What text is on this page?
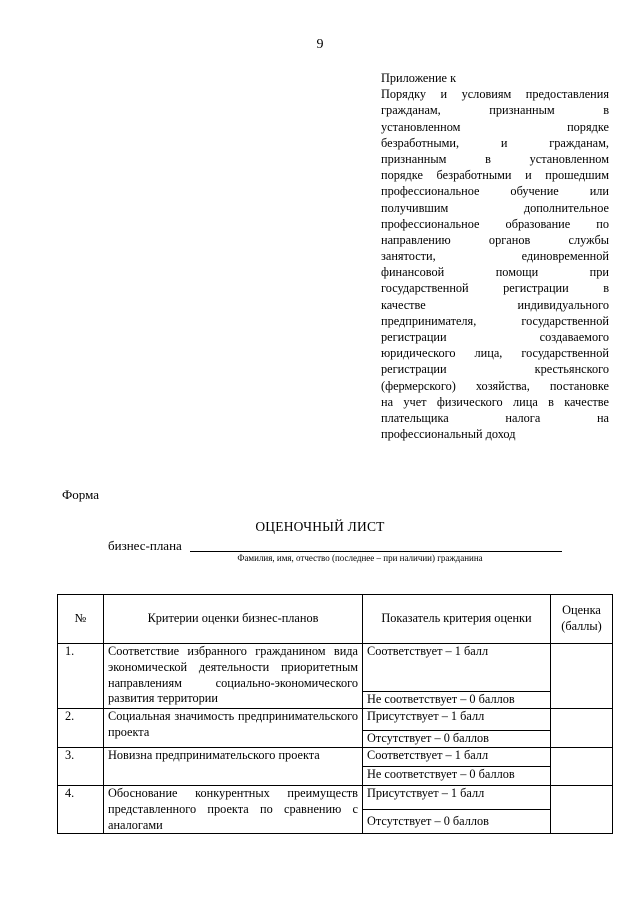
9
Приложение к
Порядку и условиям предоставления
гражданам, признанным в
установленном порядке
безработными, и гражданам,
признанным в установленном
порядке безработными и прошедшим
профессиональное обучение или
получившим дополнительное
профессиональное образование по
направлению органов службы
занятости, единовременной
финансовой помощи при
государственной регистрации в
качестве индивидуального
предпринимателя, государственной
регистрации создаваемого
юридического лица, государственной
регистрации крестьянского
(фермерского) хозяйства, постановке
на учет физического лица в качестве
плательщика налога на
профессиональный доход
Форма
ОЦЕНОЧНЫЙ ЛИСТ
бизнес-плана
Фамилия, имя, отчество (последнее – при наличии) гражданина
№	Критерии оценки бизнес-планов	Показатель критерия оценки	Оценка (баллы)
1.	Соответствие избранного гражданином вида экономической деятельности приоритетным направлениям социально-экономического развития территории	Соответствует – 1 балл	
		Не соответствует – 0 баллов	
2.	Социальная значимость предпринимательского проекта	Присутствует – 1 балл	
		Отсутствует – 0 баллов	
3.	Новизна предпринимательского проекта	Соответствует – 1 балл	
		Не соответствует – 0 баллов	
4.	Обоснование конкурентных преимуществ представленного проекта по сравнению с аналогами	Присутствует – 1 балл	
		Отсутствует – 0 баллов	
